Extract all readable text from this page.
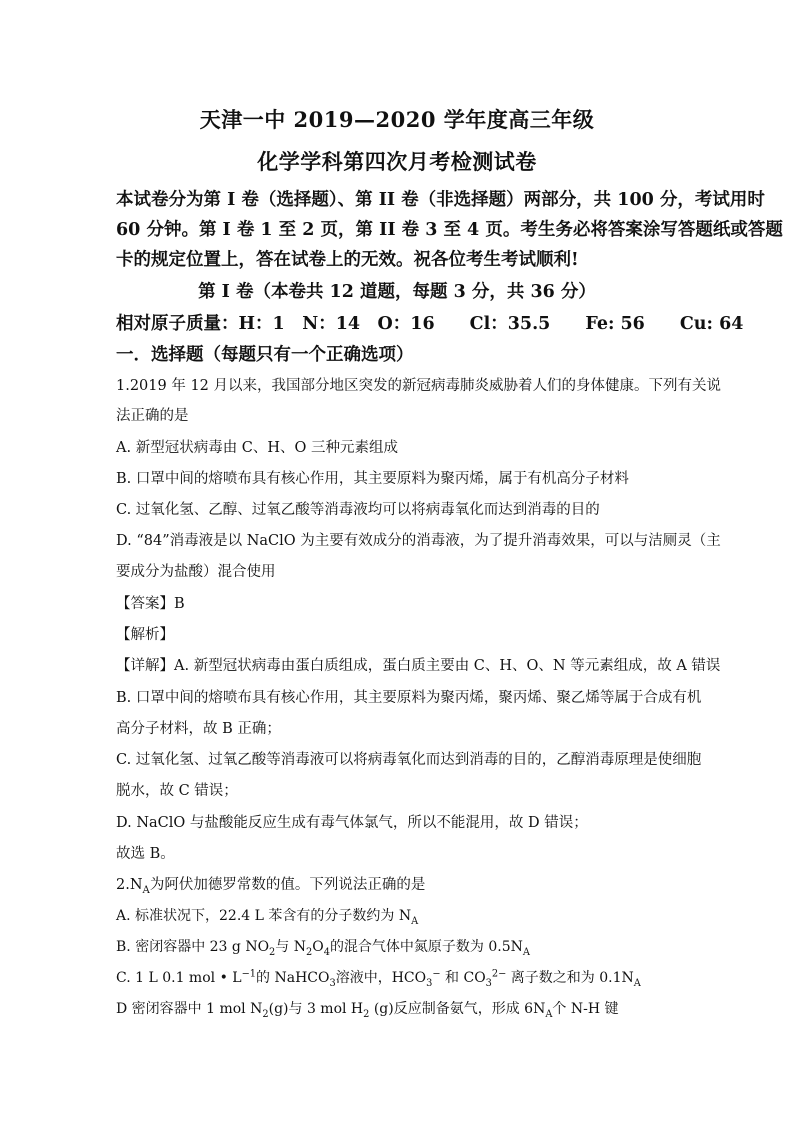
天津一中 2019—2020 学年度高三年级
化学学科第四次月考检测试卷
本试卷分为第 I 卷（选择题）、第 II 卷（非选择题）两部分，共 100 分，考试用时
60 分钟。第 I 卷 1 至 2 页，第 II 卷 3 至 4 页。考生务必将答案涂写答题纸或答题
卡的规定位置上，答在试卷上的无效。祝各位考生考试顺利!
第 I 卷（本卷共 12 道题，每题 3 分，共 36 分）
相对原子质量：H：1　N：14　O：16　　Cl：35.5　　Fe: 56　　Cu: 64
一．选择题（每题只有一个正确选项）
1.2019 年 12 月以来，我国部分地区突发的新冠病毒肺炎威胁着人们的身体健康。下列有关说
法正确的是
A. 新型冠状病毒由 C、H、O 三种元素组成
B. 口罩中间的熔喷布具有核心作用，其主要原料为聚丙烯，属于有机高分子材料
C. 过氧化氢、乙醇、过氧乙酸等消毒液均可以将病毒氧化而达到消毒的目的
D. “84”消毒液是以 NaClO 为主要有效成分的消毒液，为了提升消毒效果，可以与洁厕灵（主
要成分为盐酸）混合使用
【答案】B
【解析】
【详解】A. 新型冠状病毒由蛋白质组成，蛋白质主要由 C、H、O、N 等元素组成，故 A 错误
B. 口罩中间的熔喷布具有核心作用，其主要原料为聚丙烯，聚丙烯、聚乙烯等属于合成有机
高分子材料，故 B 正确；
C. 过氧化氢、过氧乙酸等消毒液可以将病毒氧化而达到消毒的目的，乙醇消毒原理是使细胞
脱水，故 C 错误；
D. NaClO 与盐酸能反应生成有毒气体氯气，所以不能混用，故 D 错误；
故选 B。
$2.N_A$为阿伏加德罗常数的值。下列说法正确的是
A. 标准状况下，22.4 L 苯含有的分子数约为 $N_A$
B. 密闭容器中 23 g $NO_2$与 $N_2O_4$的混合气体中氮原子数为 $0.5N_A$
C. 1 L 0.1 mol • $L^{-1}$的 NaHCO$_3$溶液中，$HCO_3^-$ 和 $CO_3^{2-}$ 离子数之和为 $0.1N_A$
D 密闭容器中 1 mol $N_2(g)$与 3 mol $H_2$ (g)反应制备氨气，形成 $6N_A$个 N-H 键
